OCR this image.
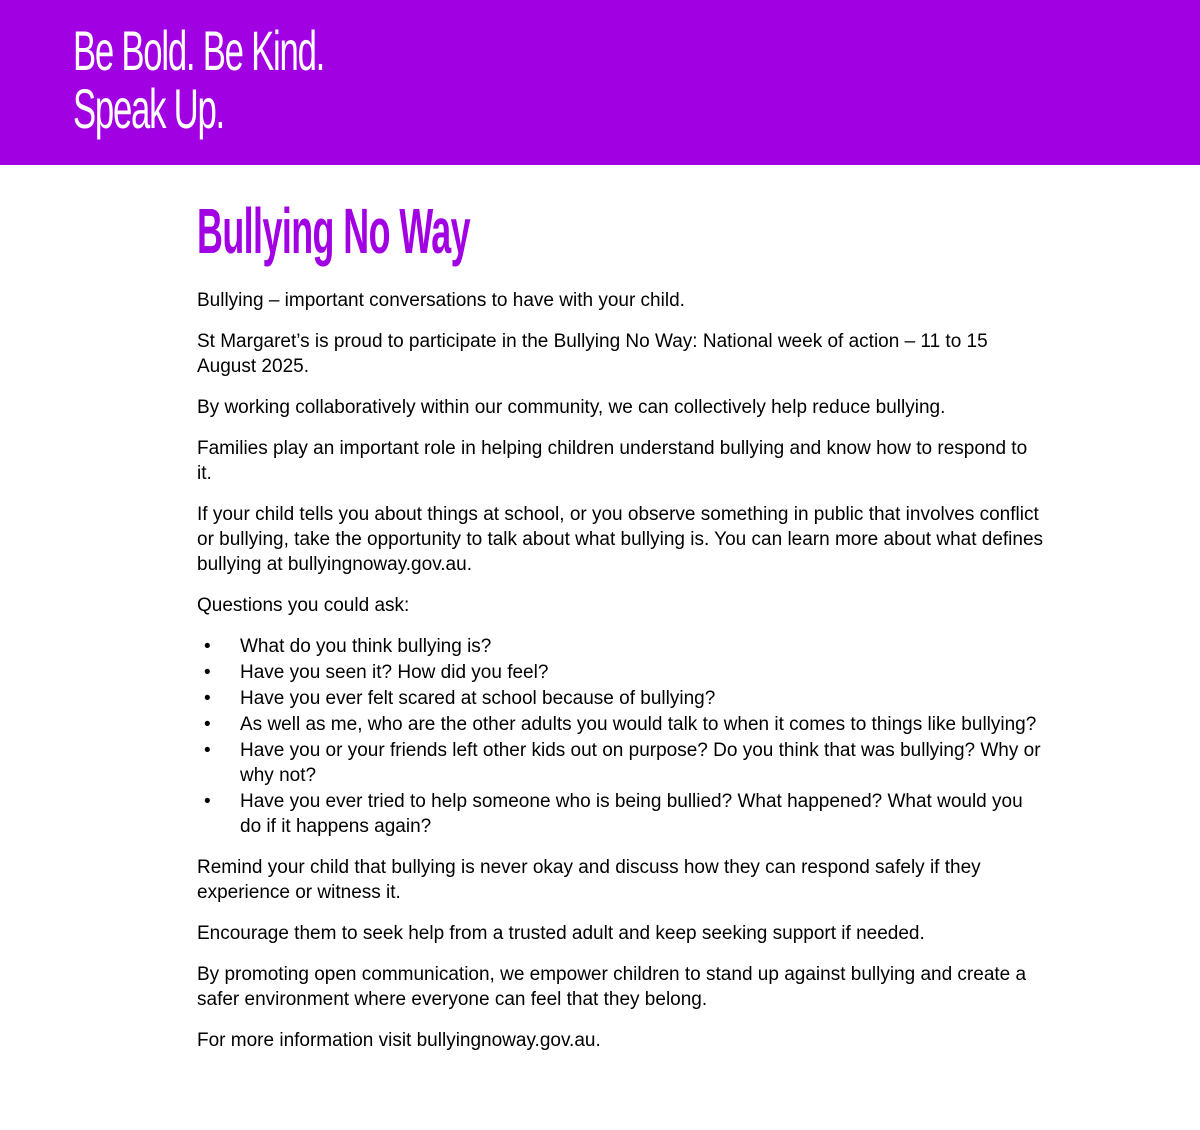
Be Bold. Be Kind.
Speak Up.
Bullying No Way

Bullying – important conversations to have with your child.

St Margaret’s is proud to participate in the Bullying No Way: National week of action – 11 to 15 August 2025.

By working collaboratively within our community, we can collectively help reduce bullying.

Families play an important role in helping children understand bullying and know how to respond to it.

If your child tells you about things at school, or you observe something in public that involves conflict or bullying, take the opportunity to talk about what bullying is. You can learn more about what defines bullying at bullyingnoway.gov.au.

Questions you could ask:

• What do you think bullying is?
• Have you seen it? How did you feel?
• Have you ever felt scared at school because of bullying?
• As well as me, who are the other adults you would talk to when it comes to things like bullying?
• Have you or your friends left other kids out on purpose? Do you think that was bullying? Why or why not?
• Have you ever tried to help someone who is being bullied? What happened? What would you do if it happens again?

Remind your child that bullying is never okay and discuss how they can respond safely if they experience or witness it.

Encourage them to seek help from a trusted adult and keep seeking support if needed.

By promoting open communication, we empower children to stand up against bullying and create a safer environment where everyone can feel that they belong.

For more information visit bullyingnoway.gov.au.
